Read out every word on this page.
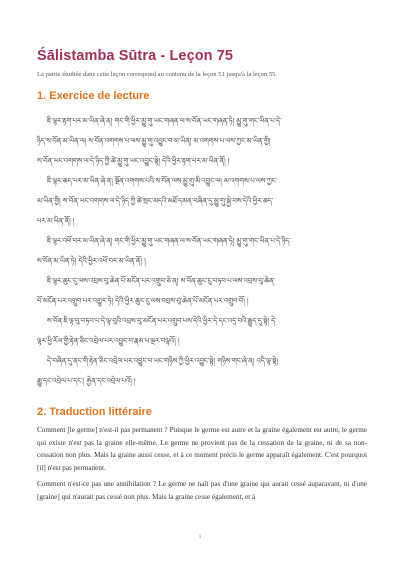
Śālistamba Sūtra - Leçon 75

La partie étudiée dans cette leçon correspond au contenu de la leçon 51 jusqu'à la leçon 55.

1. Exercice de lecture
ཇི་ལྟར་རྟག་པར་མ་ཡིན་ཞེ་ན། གང་གི་ཕྱིར་མྱུ་གུ་ཡང་གཞན་ལ་ས་བོན་ཡང་གཞན་ཏེ། མྱུ་གུ་གང་ཡིན་པ་དེ་
ཉིད་ས་བོན་མ་ཡིན་ལ། ས་བོན་འགགས་པ་ལས་མྱུ་གུ་འབྱུང་བ་མ་ཡིན། མ་འགགས་པ་ལས་ཀྱང་མ་ཡིན་གྱི།
ས་བོན་ཡང་འགགས་ལ་དེ་ཉིད་ཀྱི་ཚེ་མྱུ་གུ་ཡང་འབྱུང་སྟེ། དེའི་ཕྱིར་རྟག་པར་མ་ཡིན་ནོ། །
ཇི་ལྟར་ཆད་པར་མ་ཡིན་ཞེ་ན། སྔོན་འགགས་པའི་ས་བོན་ལས་མྱུ་གུ་མི་འབྱུང་ལ། མ་འགགས་པ་ལས་ཀྱང་
མ་ཡིན་གྱི། ས་བོན་ཡང་འགགས་ལ་དེ་ཉིད་ཀྱི་ཚེ་སྲང་མདའི་མཐོ་དམན་བཞིན་དུ་མྱུ་གུ་སྐྱེ་བས་དེའི་ཕྱིར་ཆད་
པར་མ་ཡིན་ནོ། །
ཇི་ལྟར་འཕོ་བར་མ་ཡིན་ཞེ་ན། གང་གི་ཕྱིར་མྱུ་གུ་ཡང་གཞན་ལ་ས་བོན་ཡང་གཞན་ཏེ། མྱུ་གུ་གང་ཡིན་པ་དེ་ཉིད་
ས་བོན་མ་ཡིན་ཏེ། དེའི་ཕྱིར་འཕོ་བར་མ་ཡིན་ནོ། །
ཇི་ལྟར་ཆུང་ངུ་ལས་འབྲས་བུ་ཆེན་པོ་མངོན་པར་འགྲུབ་ཅེ་ན། ས་བོན་ཆུང་ངུ་བཏབ་པ་ལས་འབྲས་བུ་ཆེན་
པོ་མངོན་པར་འགྲུབ་པར་འགྱུར་ཏེ། དེའི་ཕྱིར་ཆུང་ངུ་ལས་འབྲས་བུ་ཆེན་པོ་མངོན་པར་འགྲུབ་བོ། །
ས་བོན་ཇི་ལྟ་བུ་བཏབ་པ་དེ་ལྟ་བུའི་འབྲས་བུ་མངོན་པར་འགྲུབ་པས་དེའི་ཕྱིར་དེ་དང་འདྲ་བའི་རྒྱུད་དུ་སྟེ། དེ་
ལྟར་ཕྱི་རོལ་གྱི་རྟེན་ཅིང་འབྲེལ་པར་འབྱུང་བ་རྣམ་པ་ལྔར་བལྟའོ། །
དེ་བཞིན་དུ་ནང་གི་རྟེན་ཅིང་འབྲེལ་པར་འབྱུང་བ་ཡང་གཉིས་ཀྱི་ཕྱིར་འབྱུང་སྟེ། གཉིས་གང་ཞེ་ན། འདི་ལྟ་སྟེ།
རྒྱུ་དང་འབྲེལ་པ་དང་། རྐྱེན་དང་འབྲེལ་པའོ། །
2. Traduction littéraire

Comment [le germe] n'est-il pas permanent ? Puisque le germe est autre et la graine également est autre, le germe qui existe n'est pas la graine elle-même. Le germe ne provient pas de la cessation de la graine, ni de sa non-cessation non plus. Mais la graine aussi cesse, et à ce moment précis le germe apparaît également. C'est pourquoi [il] n'est pas permanent.

Comment n'est-ce pas une annihilation ? Le germe ne naît pas d'une graine qui aurait cessé auparavant, ni d'une [graine] qui n'aurait pas cessé non plus. Mais la graine cesse également, et à

1
